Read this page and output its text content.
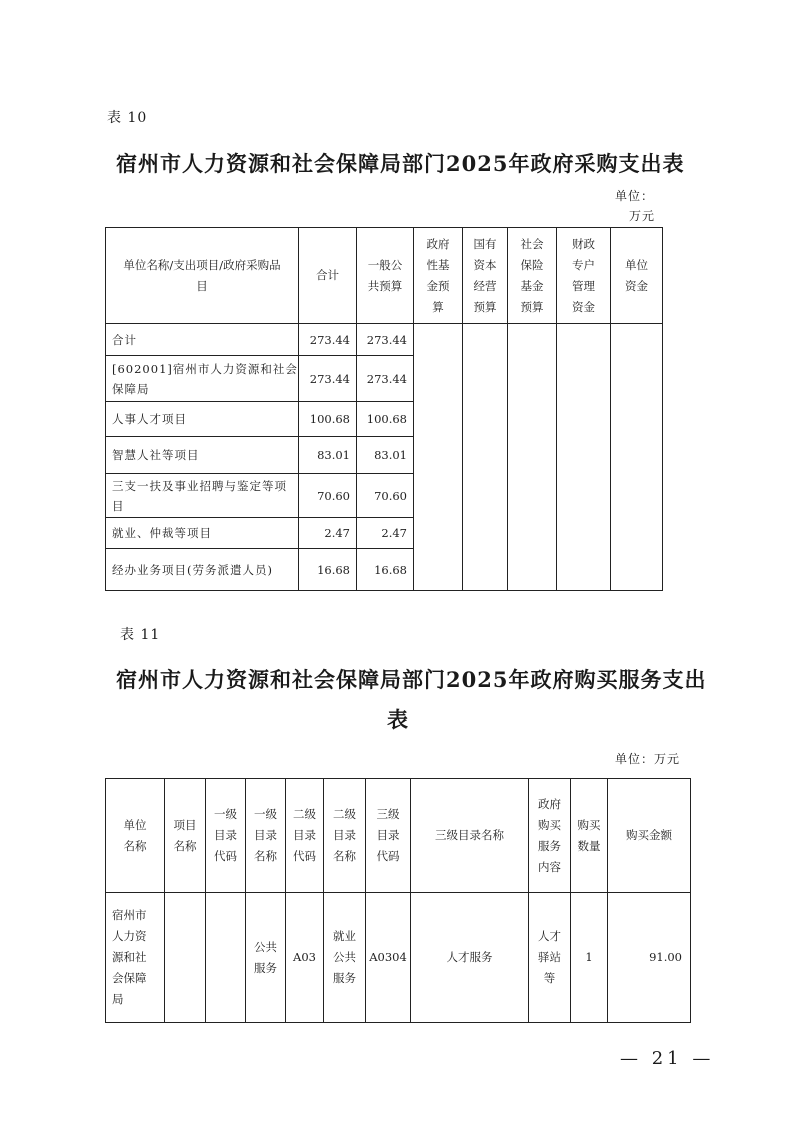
表 10
宿州市人力资源和社会保障局部门2025年政府采购支出表
单位：
万元
单位名称/支出项目/政府采购品目	合计	一般公共预算	政府性基金预算	国有资本经营预算	社会保险基金预算	财政专户管理资金	单位资金
合计	273.44	273.44					
[602001]宿州市人力资源和社会保障局	273.44	273.44					
人事人才项目	100.68	100.68					
智慧人社等项目	83.01	83.01					
三支一扶及事业招聘与鉴定等项目	70.60	70.60					
就业、仲裁等项目	2.47	2.47					
经办业务项目(劳务派遣人员)	16.68	16.68					
表 11
宿州市人力资源和社会保障局部门2025年政府购买服务支出
表
单位：万元
单位名称	项目名称	一级目录代码	一级目录名称	二级目录代码	二级目录名称	三级目录代码	三级目录名称	政府购买服务内容	购买数量	购买金额
宿州市人力资源和社会保障局			公共服务	A03	就业公共服务	A0304	人才服务	人才驿站等	1	91.00
— 21 —
